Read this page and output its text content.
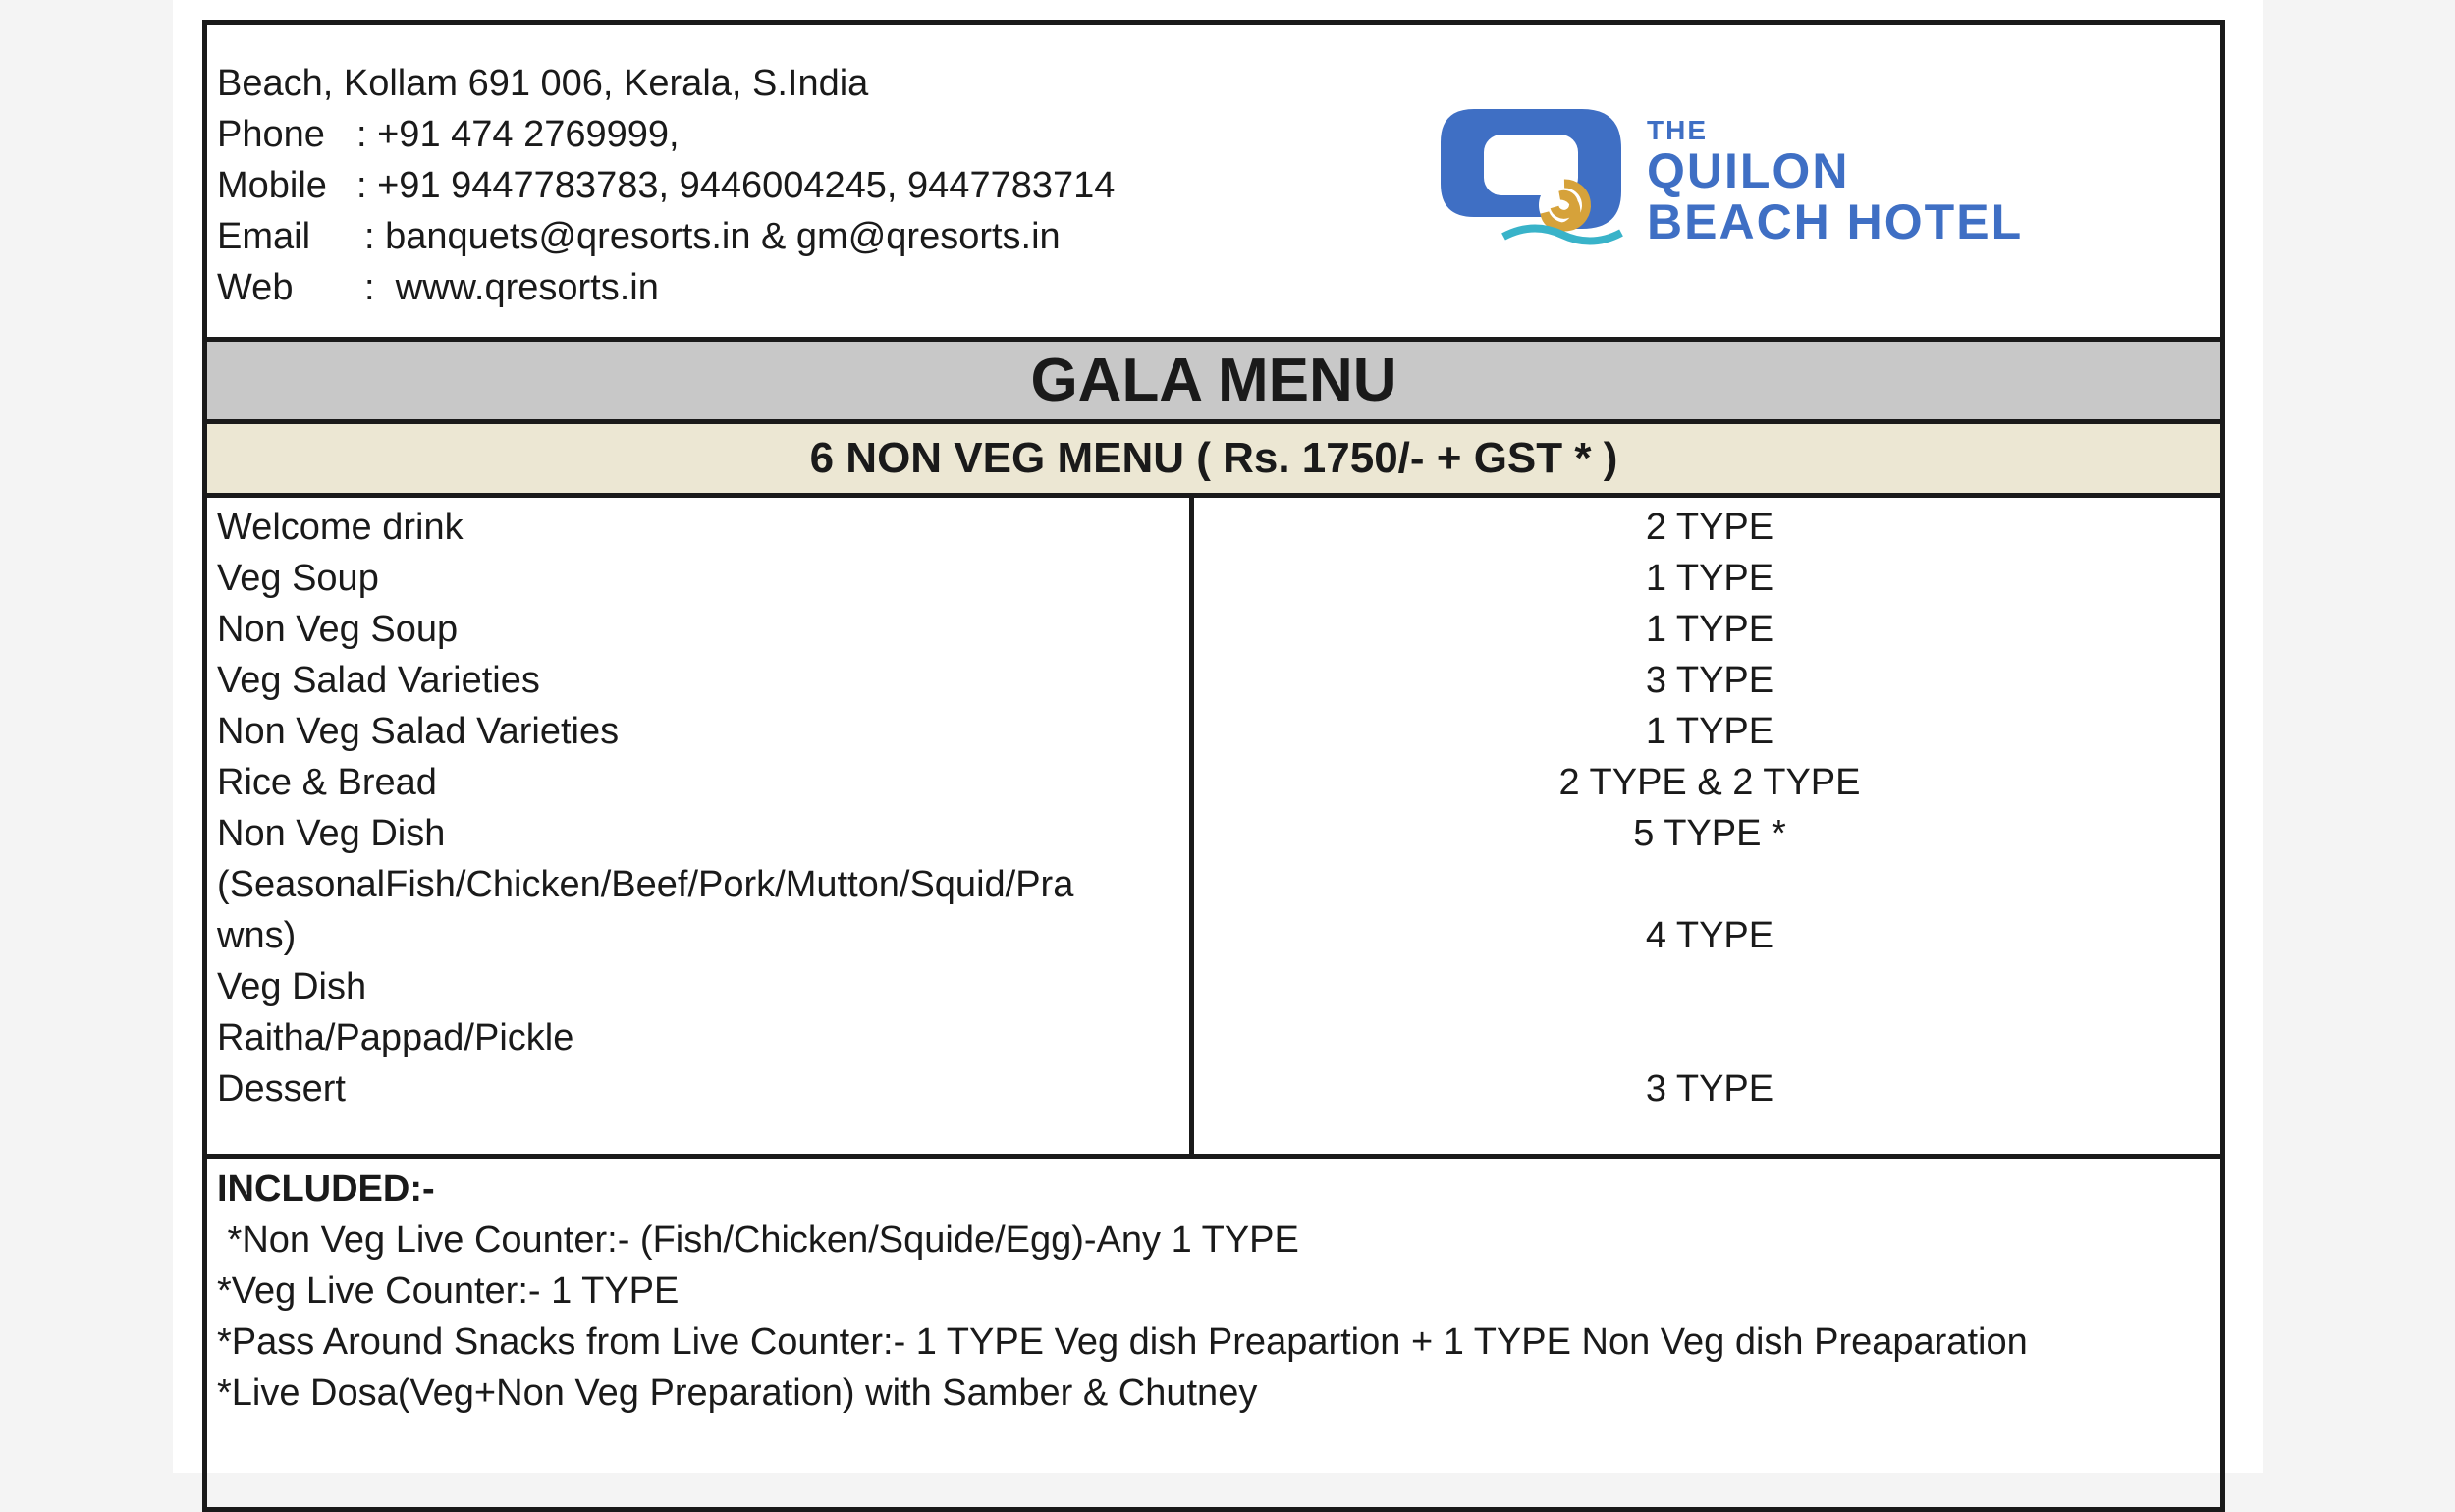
Beach, Kollam 691 006, Kerala, S.India
Phone : +91 474 2769999,
Mobile : +91 9447783783, 9446004245, 9447783714
Email : banquets@qresorts.in & gm@qresorts.in
Web :  www.qresorts.in
THE
QUILON
BEACH HOTEL
GALA MENU
6 NON VEG MENU ( Rs. 1750/- + GST * )
Welcome drink
Veg Soup
Non Veg Soup
Veg Salad Varieties
Non Veg Salad Varieties
Rice & Bread
Non Veg Dish
(SeasonalFish/Chicken/Beef/Pork/Mutton/Squid/Pra
wns)
Veg Dish
Raitha/Pappad/Pickle
Dessert
2 TYPE
1 TYPE
1 TYPE
3 TYPE
1 TYPE
2 TYPE & 2 TYPE
5 TYPE *
4 TYPE
3 TYPE
INCLUDED:-
*Non Veg Live Counter:- (Fish/Chicken/Squide/Egg)-Any 1 TYPE
*Veg Live Counter:- 1 TYPE
*Pass Around Snacks from Live Counter:- 1 TYPE Veg dish Preapartion + 1 TYPE Non Veg dish Preaparation
*Live Dosa(Veg+Non Veg Preparation) with Samber & Chutney
